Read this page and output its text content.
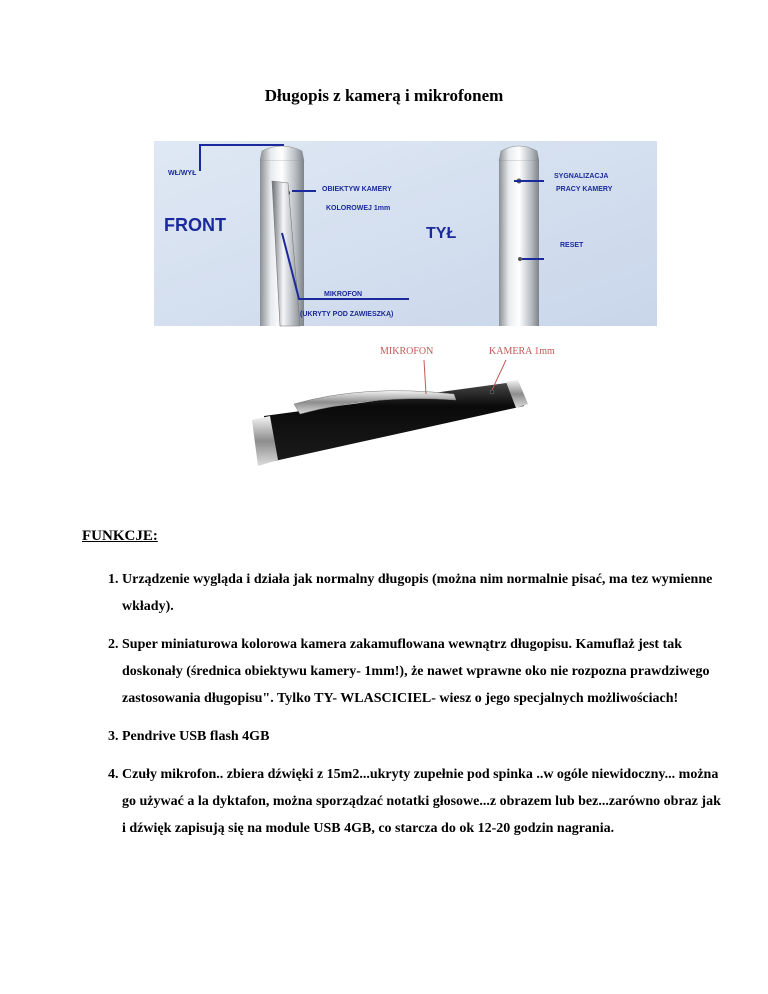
Długopis z kamerą i mikrofonem
WŁ/WYŁ
OBIEKTYW KAMERY
KOLOROWEJ 1mm
FRONT
MIKROFON
(UKRYTY POD ZAWIESZKĄ)
TYŁ
SYGNALIZACJA
PRACY KAMERY
RESET
MIKROFON	KAMERA 1mm
FUNKCJE:
1. Urządzenie wygląda i działa jak normalny długopis (można nim normalnie pisać, ma tez wymienne wkłady).
2. Super miniaturowa kolorowa kamera zakamuflowana wewnątrz długopisu. Kamuflaż jest tak doskonały (średnica obiektywu kamery- 1mm!), że nawet wprawne oko nie rozpozna prawdziwego zastosowania długopisu". Tylko TY- WLASCICIEL- wiesz o jego specjalnych możliwościach!
3. Pendrive USB flash 4GB
4. Czuły mikrofon.. zbiera dźwięki z 15m2...ukryty zupełnie pod spinka ..w ogóle niewidoczny... można go używać a la dyktafon, można sporządzać notatki głosowe...z obrazem lub bez...zarówno obraz jak i dźwięk zapisują się na module USB 4GB, co starcza do ok 12-20 godzin nagrania.
